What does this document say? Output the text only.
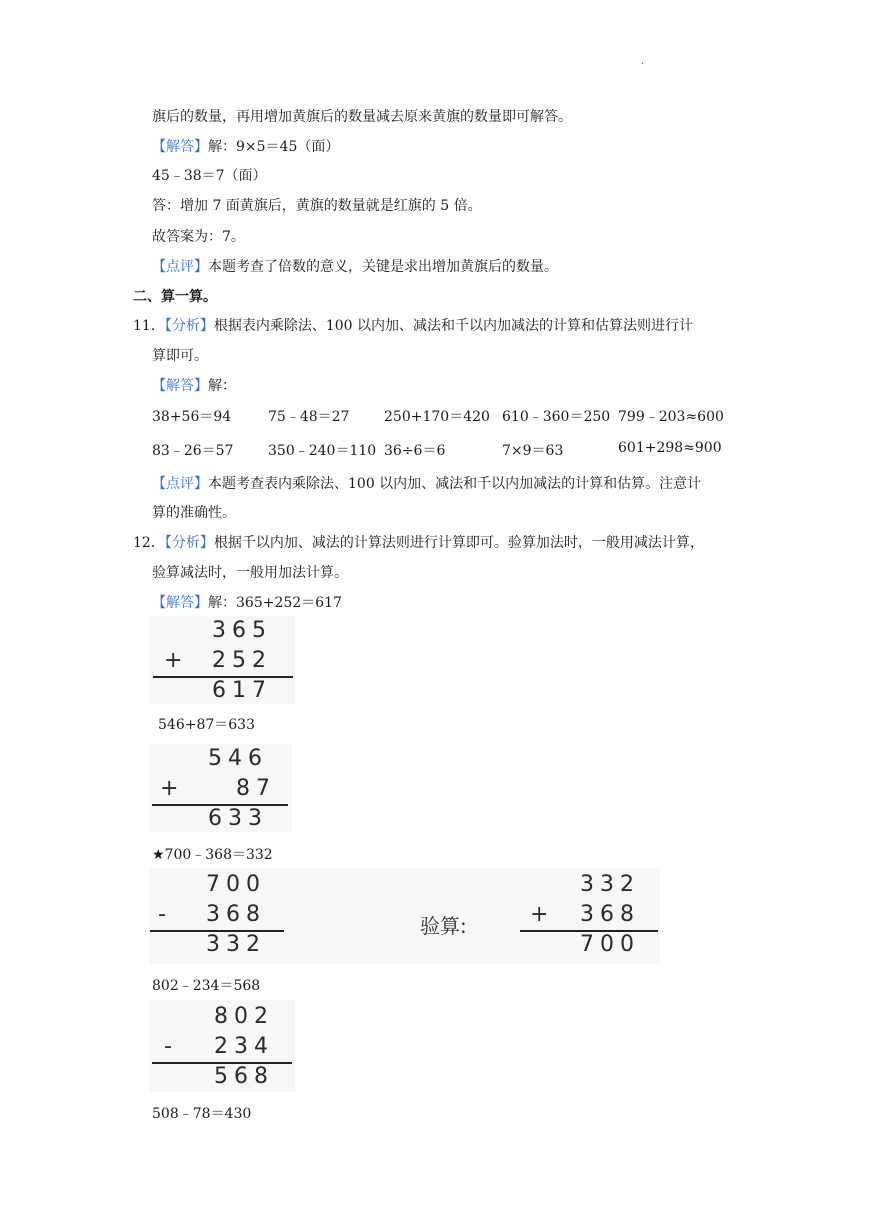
.
旗后的数量，再用增加黄旗后的数量减去原来黄旗的数量即可解答。
【解答】解：9×5＝45（面）
45﹣38＝7（面）
答：增加 7 面黄旗后，黄旗的数量就是红旗的 5 倍。
故答案为：7。
【点评】本题考查了倍数的意义，关键是求出增加黄旗后的数量。
二、算一算。
11．【分析】根据表内乘除法、100 以内加、减法和千以内加减法的计算和估算法则进行计
算即可。
【解答】解：
38+56＝94	75﹣48＝27 250+170＝420 610﹣360＝250 799﹣203≈600
83﹣26＝57 350﹣240＝110 36÷6＝6	7×9＝63	601+298≈900
【点评】本题考查表内乘除法、100 以内加、减法和千以内加减法的计算和估算。注意计
算的准确性。
12．【分析】根据千以内加、减法的计算法则进行计算即可。验算加法时，一般用减法计算，
验算减法时，一般用加法计算。
【解答】解：365+252＝617
365
+ 252
617
546+87＝633
546
+	87
633
★700﹣368＝332
700
- 368
332
验算:
332
+ 368
700
802﹣234＝568
802
- 234
568
508﹣78＝430
